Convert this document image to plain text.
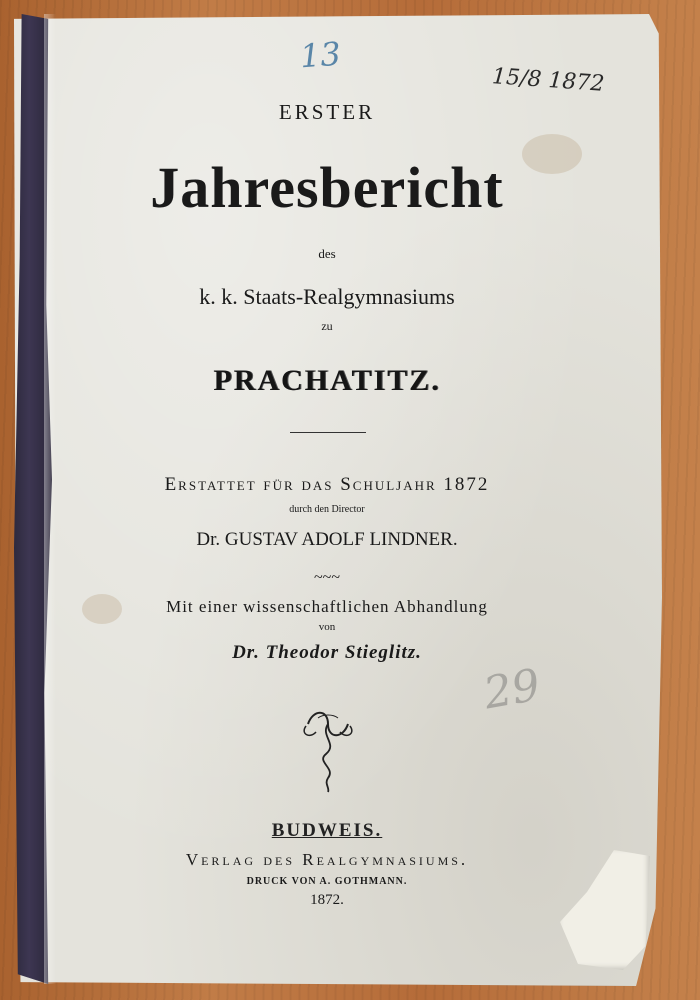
13
15/8 1872
ERSTER
Jahresbericht
des
k. k. Staats-Realgymnasiums
zu
PRACHATITZ.
Erstattet für das Schuljahr 1872
durch den Director
Dr. GUSTAV ADOLF LINDNER.
~~~
Mit einer wissenschaftlichen Abhandlung
von
Dr. Theodor Stieglitz.
29
BUDWEIS.
Verlag des Realgymnasiums.
DRUCK VON A. GOTHMANN.
1872.
